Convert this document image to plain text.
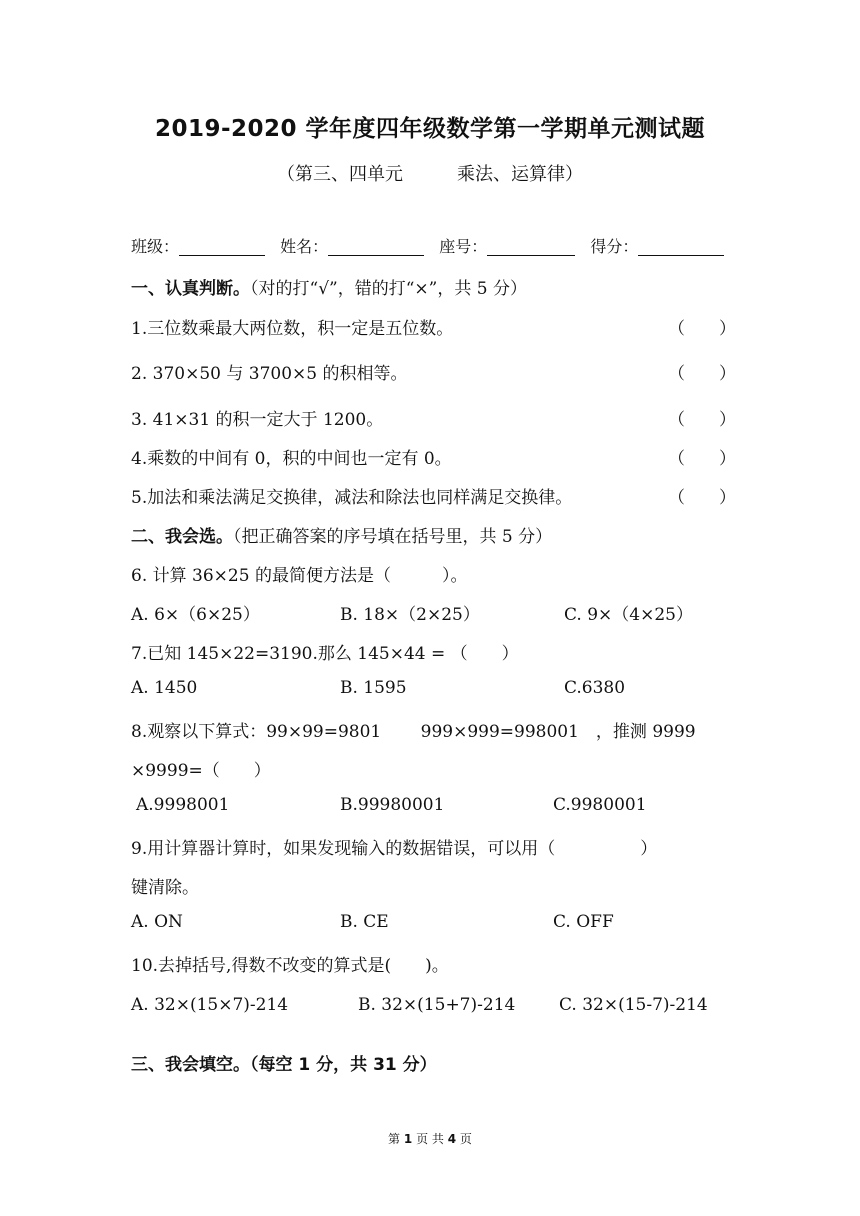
2019-2020 学年度四年级数学第一学期单元测试题
（第三、四单元	乘法、运算律）
班级：	姓名：	座号：	得分：
一、认真判断。（对的打“√”，错的打“×”，共 5 分）
1.三位数乘最大两位数，积一定是五位数。	（ ）
2. 370×50 与 3700×5 的积相等。	（ ）
3. 41×31 的积一定大于 1200。	（ ）
4.乘数的中间有 0，积的中间也一定有 0。	（ ）
5.加法和乘法满足交换律，减法和除法也同样满足交换律。	（ ）
二、我会选。（把正确答案的序号填在括号里，共 5 分）
6. 计算 36×25 的最简便方法是（　　　）。
A. 6×（6×25）	B. 18×（2×25）	C. 9×（4×25）
7.已知 145×22=3190.那么 145×44 = （　　）
A. 1450	B. 1595	C.6380
8.观察以下算式：99×99=9801　　 999×999=998001　，推测 9999
×9999=（　　）
A.9998001	B.99980001	C.9980001
9.用计算器计算时，如果发现输入的数据错误，可以用（　　　　　）
键清除。
A. ON	B. CE	C. OFF
10.去掉括号,得数不改变的算式是(　　)。
A. 32×(15×7)-214	B. 32×(15+7)-214	C. 32×(15-7)-214
三、我会填空。（每空 1 分，共 31 分）
第 1 页 共 4 页
